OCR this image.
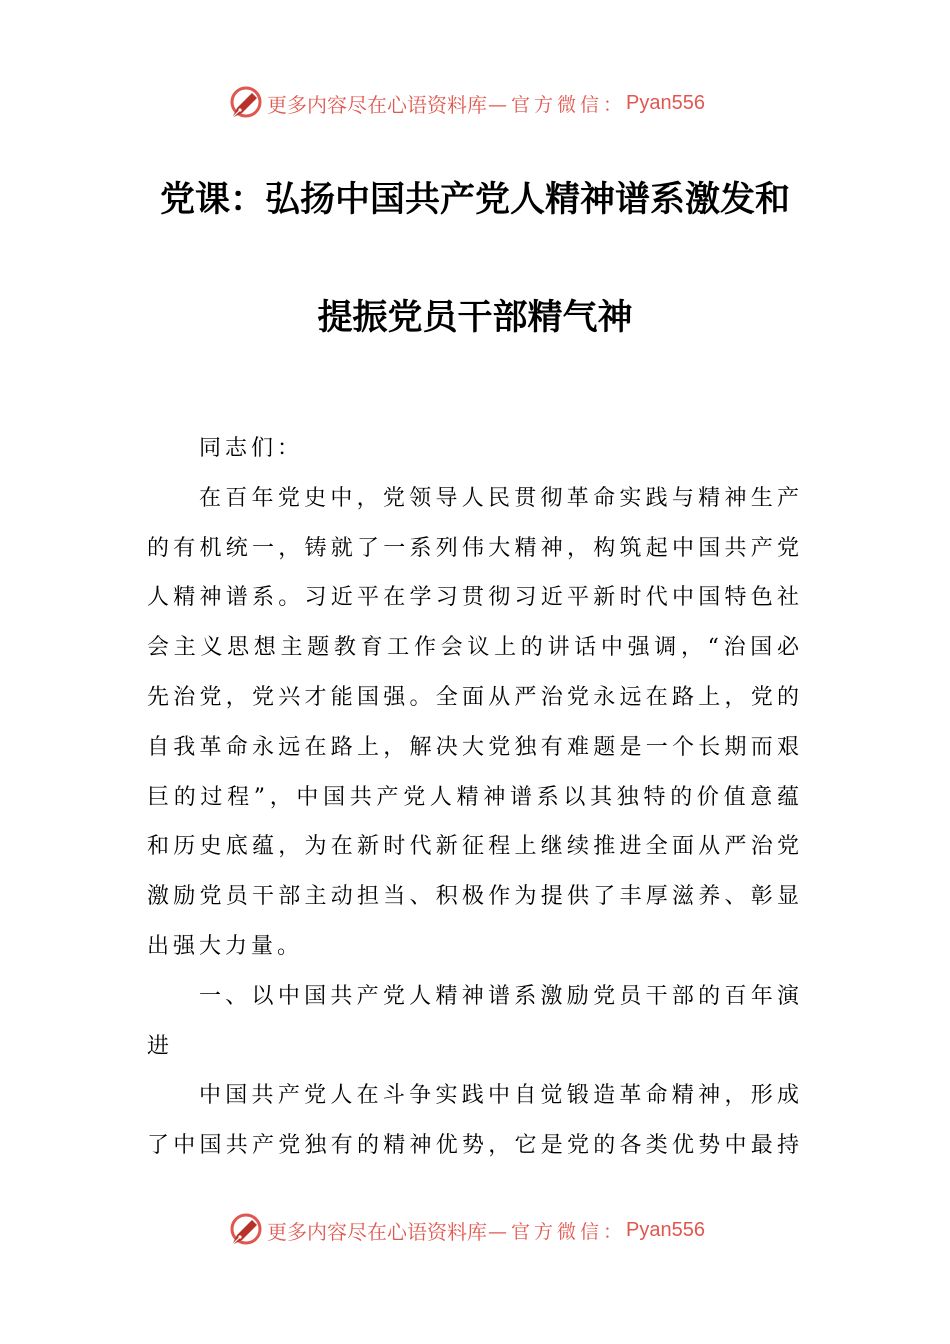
更多内容尽在心语资料库 —官方微信： Pyan556
党课：弘扬中国共产党人精神谱系激发和
提振党员干部精气神
同志们：
在百年党史中，党领导人民贯彻革命实践与精神生产
的有机统一，铸就了一系列伟大精神，构筑起中国共产党
人精神谱系。习近平在学习贯彻习近平新时代中国特色社
会主义思想主题教育工作会议上的讲话中强调，“治国必
先治党，党兴才能国强。全面从严治党永远在路上，党的
自我革命永远在路上，解决大党独有难题是一个长期而艰
巨的过程”，中国共产党人精神谱系以其独特的价值意蕴
和历史底蕴，为在新时代新征程上继续推进全面从严治党
激励党员干部主动担当、积极作为提供了丰厚滋养、彰显
出强大力量。
一、以中国共产党人精神谱系激励党员干部的百年演
进
中国共产党人在斗争实践中自觉锻造革命精神，形成
了中国共产党独有的精神优势，它是党的各类优势中最持
更多内容尽在心语资料库 —官方微信： Pyan556
